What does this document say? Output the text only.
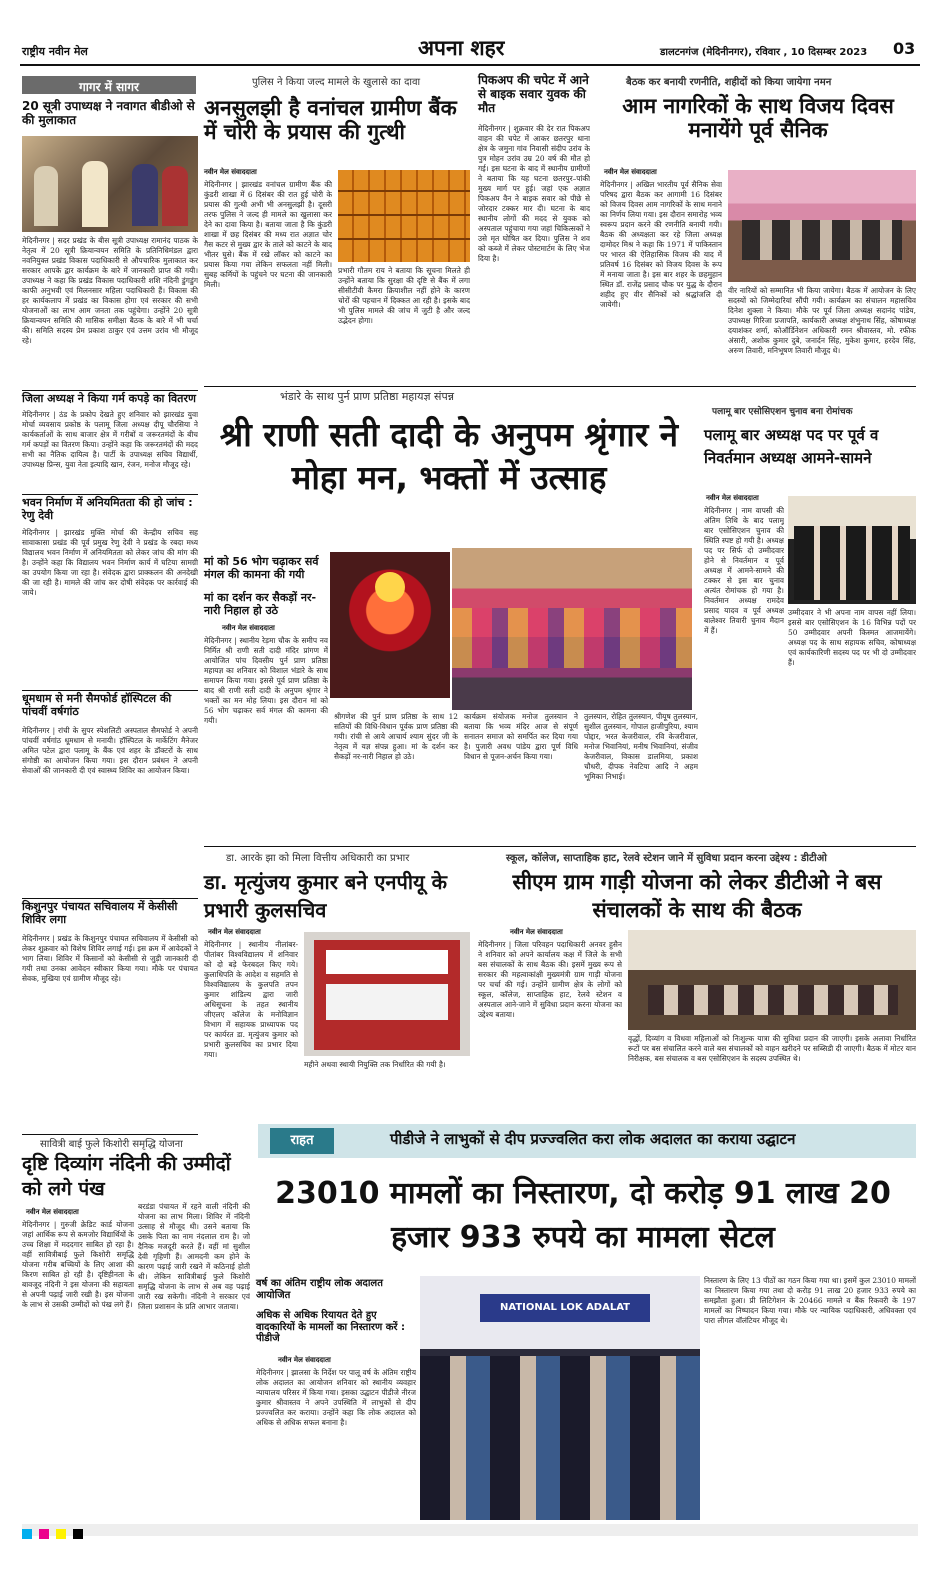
राष्ट्रीय नवीन मेल	अपना शहर	डालटनगंज (मेदिनीनगर), रविवार , 10 दिसम्बर 2023 03
गागर में सागर
20 सूत्री उपाध्यक्ष ने नवागत बीडीओ से की मुलाकात
मेदिनीनगर | सदर प्रखंड के बीस सूत्री उपाध्यक्ष रामानंद पाठक के नेतृत्व में 20 सूत्री क्रियान्वयन समिति के प्रतिनिधिमंडल द्वारा नवनियुक्त प्रखंड विकास पदाधिकारी से औपचारिक मुलाकात कर सरकार आपके द्वार कार्यक्रम के बारे में जानकारी प्राप्त की गयी। उपाध्यक्ष ने कहा कि प्रखंड विकास पदाधिकारी शशि नंदिनी डुंगडुंग काफी अनुभवी एवं मिलनसार महिला पदाधिकारी हैं। विकास की हर कार्यकलाप में प्रखंड का विकास होगा एवं सरकार की सभी योजनाओं का लाभ आम जनता तक पहुंचेगा। उन्होंने 20 सूत्री क्रियान्वयन समिति की मासिक समीक्षा बैठक के बारे में भी चर्चा की। समिति सदस्य प्रेम प्रकाश ठाकुर एवं उत्तम उरांव भी मौजूद रहे।
जिला अध्यक्ष ने किया गर्म कपड़े का वितरण
मेदिनीनगर | ठंड के प्रकोप देखते हुए शनिवार को झारखंड युवा मोर्चा व्यवसाय प्रकोष्ठ के पलामू जिला अध्यक्ष दीपू चौरसिया ने कार्यकर्ताओं के साथ बाजार क्षेत्र में गरीबों व जरूरतमंदों के बीच गर्म कपड़ों का वितरण किया। उन्होंने कहा कि जरूरतमंदों की मदद सभी का नैतिक दायित्व है। पार्टी के उपाध्यक्ष सचिव विद्यार्थी, उपाध्यक्ष प्रिन्स, युवा नेता इत्यादि खान, रंजन, मनोज मौजूद रहे।
भवन निर्माण में अनियमितता की हो जांच : रेणु देवी
मेदिनीनगर | झारखंड मुक्ति मोर्चा की केन्द्रीय सचिव सह सावाकासा प्रखंड की पूर्व प्रमुख रेणु देवी ने प्रखंड के रबदा मध्य विद्यालय भवन निर्माण में अनियमितता को लेकर जांच की मांग की है। उन्होंने कहा कि विद्यालय भवन निर्माण कार्य में घटिया सामग्री का उपयोग किया जा रहा है। संवेदक द्वारा प्राक्कलन की अनदेखी की जा रही है। मामले की जांच कर दोषी संवेदक पर कार्रवाई की जाये।
धूमधाम से मनी सैमफोर्ड हॉस्पिटल की पांचवीं वर्षगांठ
मेदिनीनगर | रांची के सुपर स्पेशलिटी अस्पताल सैमफोर्ड ने अपनी पांचवीं वर्षगांठ धूमधाम से मनायी। हॉस्पिटल के मार्केटिंग मैनेजर अमित पटेल द्वारा पलामू के बैंक एवं शहर के डॉक्टरों के साथ संगोष्ठी का आयोजन किया गया। इस दौरान प्रबंधन ने अपनी सेवाओं की जानकारी दी एवं स्वास्थ्य शिविर का आयोजन किया।
किशुनपुर पंचायत सचिवालय में केसीसी शिविर लगा
मेदिनीनगर | प्रखंड के किशुनपुर पंचायत सचिवालय में केसीसी को लेकर शुक्रवार को विशेष शिविर लगाई गई। इस क्रम में आवेदकों ने भाग लिया। शिविर में किसानों को केसीसी से जुड़ी जानकारी दी गयी तथा उनका आवेदन स्वीकार किया गया। मौके पर पंचायत सेवक, मुखिया एवं ग्रामीण मौजूद रहे।
पुलिस ने किया जल्द मामले के खुलासे का दावा
अनसुलझी है वनांचल ग्रामीण बैंक में चोरी के प्रयास की गुत्थी
नवीन मेल संवाददाता
मेदिनीनगर | झारखंड वनांचल ग्रामीण बैंक की कुंडरी शाखा में 6 दिसंबर की रात हुई चोरी के प्रयास की गुत्थी अभी भी अनसुलझी है। दूसरी तरफ पुलिस ने जल्द ही मामले का खुलासा कर देने का दावा किया है। बताया जाता है कि कुंडरी शाखा में छह दिसंबर की मध्य रात अज्ञात चोर गैस कटर से मुख्य द्वार के ताले को काटने के बाद भीतर घुसे। बैंक में रखे लॉकर को काटने का प्रयास किया गया लेकिन सफलता नहीं मिली। सुबह कर्मियों के पहुंचने पर घटना की जानकारी मिली।
प्रभारी गौतम राय ने बताया कि सूचना मिलते ही उन्होंने बताया कि सुरक्षा की दृष्टि से बैंक में लगा सीसीटीवी कैमरा क्रियाशील नहीं होने के कारण चोरों की पहचान में दिक्कत आ रही है। इसके बाद भी पुलिस मामले की जांच में जुटी है और जल्द उद्भेदन होगा।
पिकअप की चपेट में आने से बाइक सवार युवक की मौत
मेदिनीनगर | शुक्रवार की देर रात पिकअप वाहन की चपेट में आकर छतरपुर थाना क्षेत्र के जमुना गांव निवासी संदीप उरांव के पुत्र मोहन उरांव उम्र 20 वर्ष की मौत हो गई। इस घटना के बाद में स्थानीय ग्रामीणों ने बताया कि यह घटना छतरपुर–पांकी मुख्य मार्ग पर हुई। जहां एक अज्ञात पिकअप वैन ने बाइक सवार को पीछे से जोरदार टक्कर मार दी। घटना के बाद स्थानीय लोगों की मदद से युवक को अस्पताल पहुंचाया गया जहां चिकित्सकों ने उसे मृत घोषित कर दिया। पुलिस ने शव को कब्जे में लेकर पोस्टमार्टम के लिए भेज दिया है।
बैठक कर बनायी रणनीति, शहीदों को किया जायेगा नमन
आम नागरिकों के साथ विजय दिवस मनायेंगे पूर्व सैनिक
नवीन मेल संवाददाता
मेदिनीनगर | अखिल भारतीय पूर्व सैनिक सेवा परिषद द्वारा बैठक कर आगामी 16 दिसंबर को विजय दिवस आम नागरिकों के साथ मनाने का निर्णय लिया गया। इस दौरान समारोह भव्य स्वरूप प्रदान करने की रणनीति बनायी गयी। बैठक की अध्यक्षता कर रहे जिला अध्यक्ष दामोदर मिश्र ने कहा कि 1971 में पाकिस्तान पर भारत की ऐतिहासिक विजय की याद में प्रतिवर्ष 16 दिसंबर को विजय दिवस के रूप में मनाया जाता है। इस बार शहर के छहमुहान स्थित डॉ. राजेंद्र प्रसाद चौक पर युद्ध के दौरान शहीद हुए वीर सैनिकों को श्रद्धांजलि दी जायेगी।
वीर नारियों को सम्मानित भी किया जायेगा। बैठक में आयोजन के लिए सदस्यों को जिम्मेदारियां सौंपी गयी। कार्यक्रम का संचालन महासचिव दिनेश शुक्ला ने किया। मौके पर पूर्व जिला अध्यक्ष सदानंद पांडेय, उपाध्यक्ष गिरिजा प्रजापति, कार्यकारी अध्यक्ष शंभुनाथ सिंह, कोषाध्यक्ष दयाशंकर शर्मा, कोऑर्डिनेशन अधिकारी रमन श्रीवास्तव, मो. रफीक अंसारी, अशोक कुमार दुबे, जनार्दन सिंह, मुकेश कुमार, हरदेव सिंह, अरुण तिवारी, मनिभूषण तिवारी मौजूद थे।
भंडारे के साथ पुर्न प्राण प्रतिष्ठा महायज्ञ संपन्न
श्री राणी सती दादी के अनुपम श्रृंगार ने मोहा मन, भक्तों में उत्साह
मां को 56 भोग चढ़ाकर सर्व मंगल की कामना की गयी
मां का दर्शन कर सैकड़ों नर-नारी निहाल हो उठे
नवीन मेल संवाददाता
मेदिनीनगर | स्थानीय रेड़मा चौक के समीप नव निर्मित श्री राणी सती दादी मंदिर प्रांगण में आयोजित पांच दिवसीय पुर्न प्राण प्रतिष्ठा महायज्ञ का शनिवार को विशाल भंडारे के साथ समापन किया गया। इससे पूर्व प्राण प्रतिष्ठा के बाद श्री राणी सती दादी के अनुपम श्रृंगार ने भक्तों का मन मोह लिया। इस दौरान मां को 56 भोग चढ़ाकर सर्व मंगल की कामना की गयी।	श्रीगणेश की पुर्न प्राण प्रतिष्ठा के साथ 12 सतियों की विधि-विधान पूर्वक प्राण प्रतिष्ठा की गयी। रांची से आये आचार्य श्याम सुंदर जी के नेतृत्व में यज्ञ संपन्न हुआ। मां के दर्शन कर सैकड़ों नर-नारी निहाल हो उठे।
कार्यक्रम संयोजक मनोज तुलस्यान ने बताया कि भव्य मंदिर आज से संपूर्ण सनातन समाज को समर्पित कर दिया गया है। पुजारी अवध पांडेय द्वारा पूर्ण विधि विधान से पूजन-अर्चन किया गया।
तुलस्यान, रोहित तुलस्यान, पीयूष तुलस्यान, सुशील तुलस्यान, गोपाल हाजीपुरिया, श्याम पोद्दार, भरत केजरीवाल, रवि केजरीवाल, मनोज भिवानियां, मनीष भिवानियां, संजीव केजरीवाल, विकास डालमिया, प्रकाश चौधरी, दीपक नेवटिया आदि ने अहम भूमिका निभाई।
पलामू बार एसोसिएशन चुनाव बना रोमांचक
पलामू बार अध्यक्ष पद पर पूर्व व निवर्तमान अध्यक्ष आमने-सामने
नवीन मेल संवाददाता
मेदिनीनगर | नाम वापसी की अंतिम तिथि के बाद पलामू बार एसोसिएशन चुनाव की स्थिति स्पष्ट हो गयी है। अध्यक्ष पद पर सिर्फ दो उम्मीदवार होने से निवर्तमान व पूर्व अध्यक्ष में आमने-सामने की टक्कर से इस बार चुनाव अत्यंत रोमांचक हो गया है। निवर्तमान अध्यक्ष रामदेव प्रसाद यादव व पूर्व अध्यक्ष बालेश्वर तिवारी चुनाव मैदान में हैं।
उम्मीदवार ने भी अपना नाम वापस नहीं लिया। इससे बार एसोसिएशन के 16 विभिन्न पदों पर 50 उम्मीदवार अपनी किस्मत आजमायेंगे। अध्यक्ष पद के साथ सहायक सचिव, कोषाध्यक्ष एवं कार्यकारिणी सदस्य पद पर भी दो उम्मीदवार हैं।
डा. आरके झा को मिला वित्तीय अधिकारी का प्रभार
डा. मृत्युंजय कुमार बने एनपीयू के प्रभारी कुलसचिव
नवीन मेल संवाददाता
मेदिनीनगर | स्थानीय नीलांबर-पीतांबर विश्वविद्यालय में शनिवार को दो बड़े फेरबदल किए गये। कुलाधिपति के आदेश व सहमति से विश्वविद्यालय के कुलपति तपन कुमार शांडिल्य द्वारा जारी अधिसूचना के तहत स्थानीय जीएलए कॉलेज के मनोविज्ञान विभाग में सहायक प्राध्यापक पद पर कार्यरत डा. मृत्युंजय कुमार को प्रभारी कुलसचिव का प्रभार दिया गया।
महीने अथवा स्थायी नियुक्ति तक निर्धारित की गयी है।
स्कूल, कॉलेज, साप्ताहिक हाट, रेलवे स्टेशन जाने में सुविधा प्रदान करना उद्देश्य : डीटीओ
सीएम ग्राम गाड़ी योजना को लेकर डीटीओ ने बस संचालकों के साथ की बैठक
नवीन मेल संवाददाता
मेदिनीनगर | जिला परिवहन पदाधिकारी अनवर हुसैन ने शनिवार को अपने कार्यालय कक्ष में जिले के सभी बस संचालकों के साथ बैठक की। इसमें मुख्य रूप से सरकार की महत्वाकांक्षी मुख्यमंत्री ग्राम गाड़ी योजना पर चर्चा की गई। उन्होंने ग्रामीण क्षेत्र के लोगों को स्कूल, कॉलेज, साप्ताहिक हाट, रेलवे स्टेशन व अस्पताल आने-जाने में सुविधा प्रदान करना योजना का उद्देश्य बताया।
वृद्धों, दिव्यांग व विधवा महिलाओं को निःशुल्क यात्रा की सुविधा प्रदान की जाएगी। इसके अलावा निर्धारित रूटों पर बस संचालित करने वाले बस संचालकों को वाहन खरीदने पर सब्सिडी दी जाएगी। बैठक में मोटर यान निरीक्षक, बस संचालक व बस एसोसिएशन के सदस्य उपस्थित थे।
सावित्री बाई फुले किशोरी समृद्धि योजना
दृष्टि दिव्यांग नंदिनी की उम्मीदों को लगे पंख
नवीन मेल संवाददाता
मेदिनीनगर | गुरुजी क्रेडिट कार्ड योजना जहां आर्थिक रूप से कमजोर विद्यार्थियों के उच्च शिक्षा में मददगार साबित हो रहा है। वहीं सावित्रीबाई फुले किशोरी समृद्धि योजना गरीब बच्चियों के लिए आशा की किरण साबित हो रही है। दृष्टिहीनता के बावजूद नंदिनी ने इस योजना की सहायता से अपनी पढ़ाई जारी रखी है। इस योजना के लाभ से उसकी उम्मीदों को पंख लगे हैं।
बरडंडा पंचायत में रहने वाली नंदिनी की योजना का लाभ मिला। शिविर में नंदिनी उत्साह से मौजूद थी। उसने बताया कि उसके पिता का नाम नंदलाल राम है। जो दैनिक मजदूरी करते हैं। वहीं मां सुशील देवी गृहिणी हैं। आमदनी कम होने के कारण पढ़ाई जारी रखने में कठिनाई होती थी। लेकिन सावित्रीबाई फुले किशोरी समृद्धि योजना के लाभ से अब वह पढ़ाई जारी रख सकेगी। नंदिनी ने सरकार एवं जिला प्रशासन के प्रति आभार जताया।
राहत	पीडीजे ने लाभुकों से दीप प्रज्ज्वलित करा लोक अदालत का कराया उद्घाटन
23010 मामलों का निस्तारण, दो करोड़ 91 लाख 20 हजार 933 रुपये का मामला सेटल
वर्ष का अंतिम राष्ट्रीय लोक अदालत आयोजित
अधिक से अधिक रियायत देते हुए वादकारियों के मामलों का निस्तारण करें : पीडीजे
नवीन मेल संवाददाता
मेदिनीनगर | झालसा के निर्देश पर पालू वर्ष के अंतिम राष्ट्रीय लोक अदालत का आयोजन शनिवार को स्थानीय व्यवहार न्यायालय परिसर में किया गया। इसका उद्घाटन पीडीजे नीरज कुमार श्रीवास्तव ने अपने उपस्थिति में लाभुकों से दीप प्रज्ज्वलित कर कराया। उन्होंने कहा कि लोक अदालत को अधिक से अधिक सफल बनाना है।
NATIONAL LOK ADALAT
निस्तारण के लिए 13 पीठों का गठन किया गया था। इसमें कुल 23010 मामलों का निस्तारण किया गया तथा दो करोड़ 91 लाख 20 हजार 933 रुपये का समझौता हुआ। प्री लिटिगेशन के 20466 मामले व बैंक रिकवरी के 197 मामलों का निष्पादन किया गया। मौके पर न्यायिक पदाधिकारी, अधिवक्ता एवं पारा लीगल वॉलंटियर मौजूद थे।
